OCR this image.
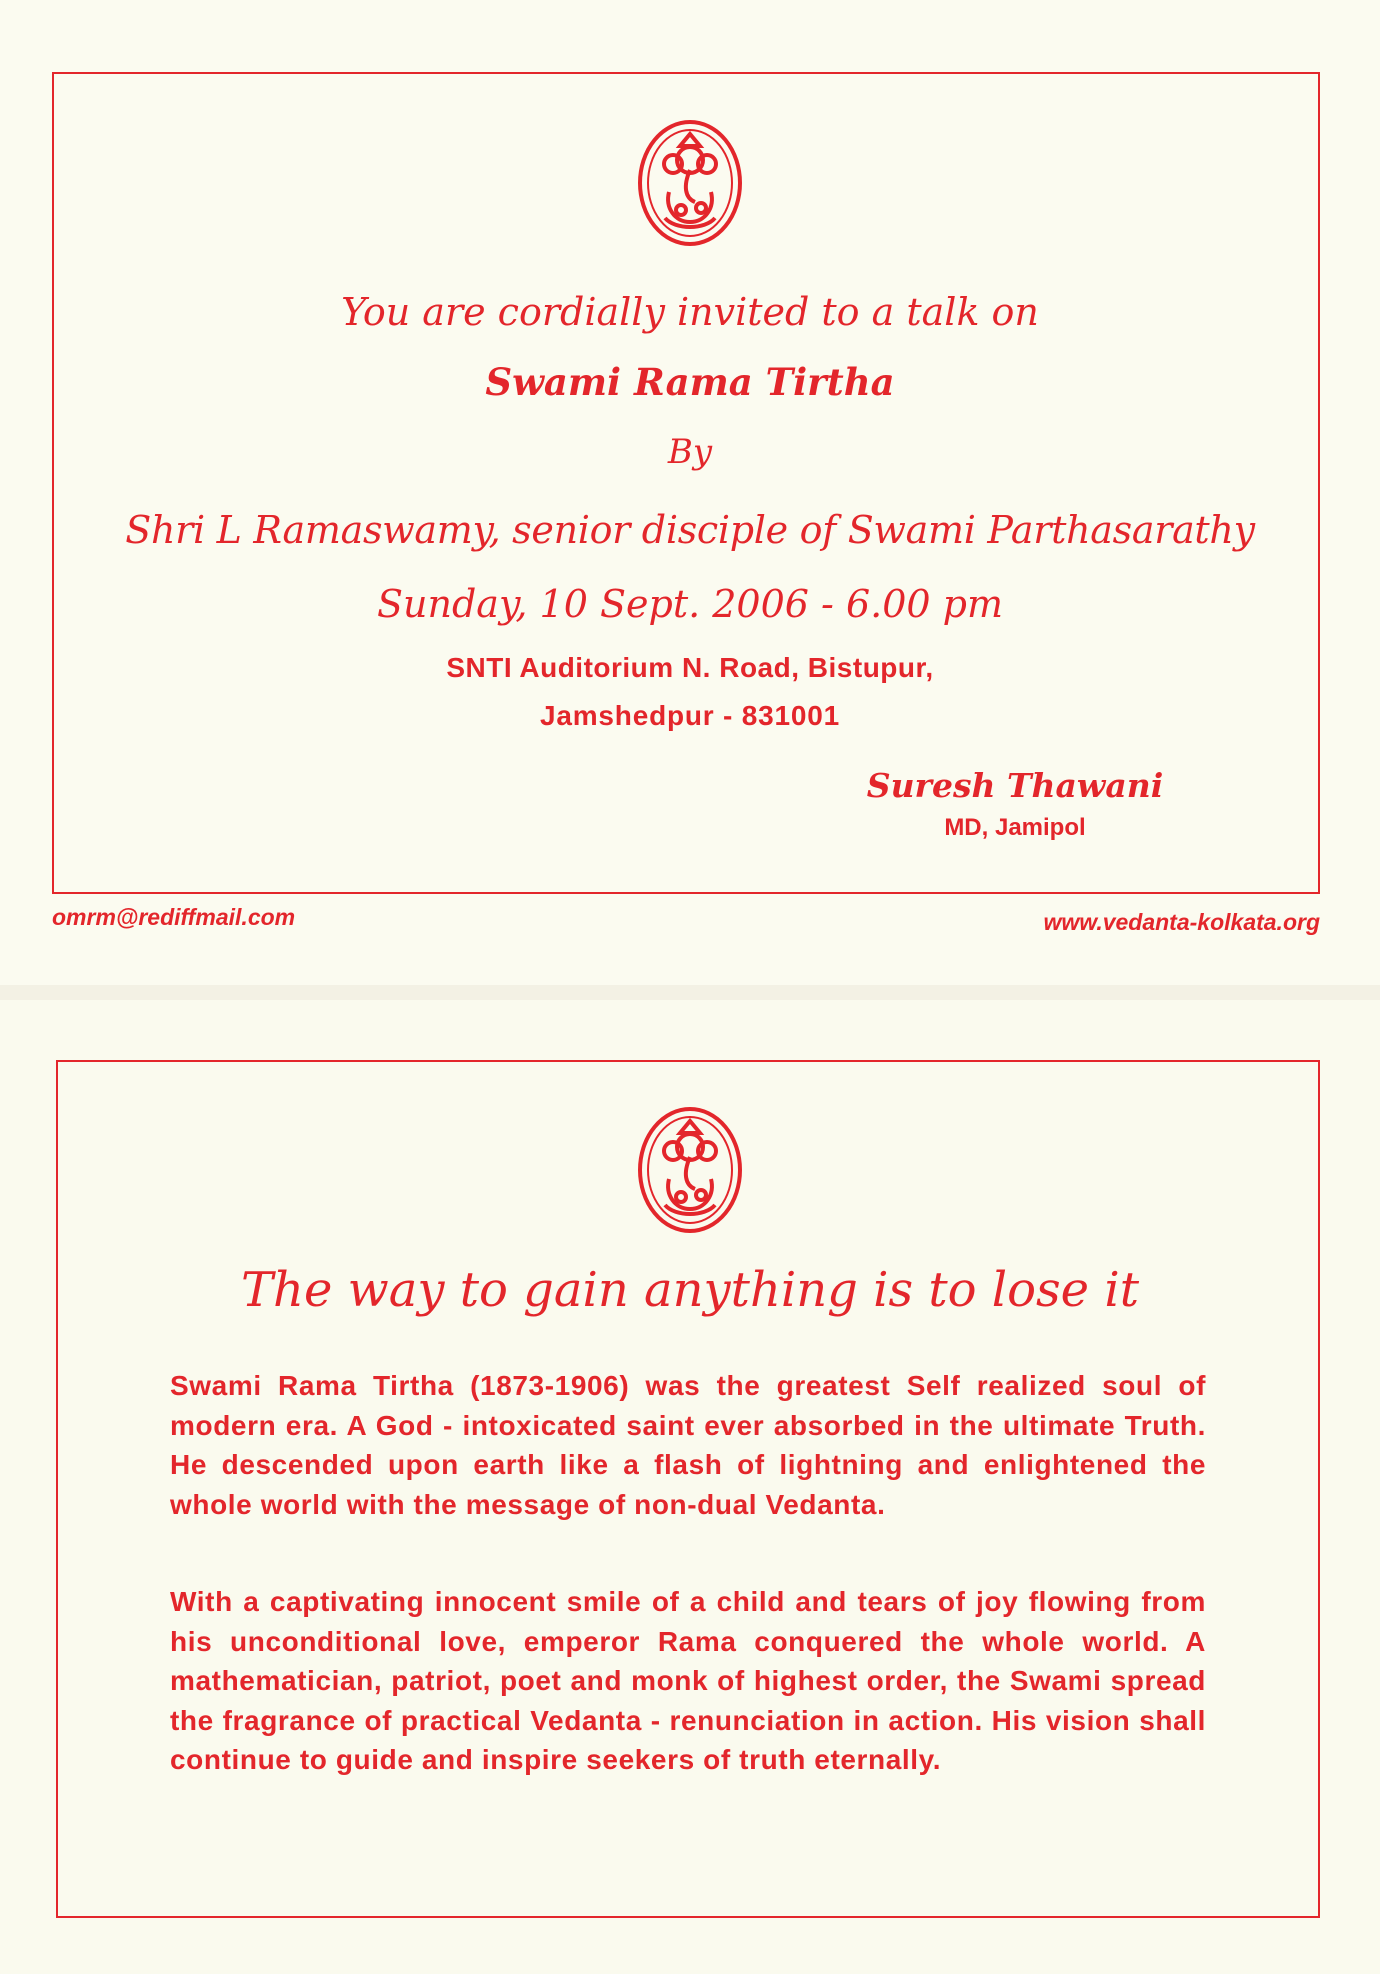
You are cordially invited to a talk on
Swami Rama Tirtha
By
Shri L Ramaswamy, senior disciple of Swami Parthasarathy
Sunday, 10 Sept. 2006 - 6.00 pm
SNTI Auditorium N. Road, Bistupur,
Jamshedpur - 831001
Suresh Thawani
MD, Jamipol
omrm@rediffmail.com	www.vedanta-kolkata.org
The way to gain anything is to lose it
Swami Rama Tirtha (1873-1906) was the greatest Self realized soul of modern era. A God - intoxicated saint ever absorbed in the ultimate Truth. He descended upon earth like a flash of lightning and enlightened the whole world with the message of non-dual Vedanta.
With a captivating innocent smile of a child and tears of joy flowing from his unconditional love, emperor Rama conquered the whole world. A mathematician, patriot, poet and monk of highest order, the Swami spread the fragrance of practical Vedanta - renunciation in action. His vision shall continue to guide and inspire seekers of truth eternally.
